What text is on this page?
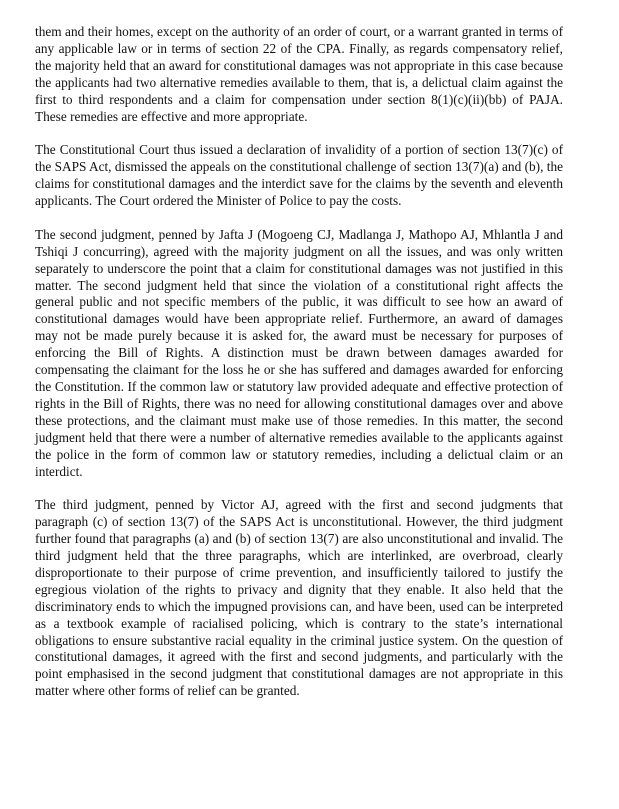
them and their homes, except on the authority of an order of court, or a warrant granted in terms of any applicable law or in terms of section 22 of the CPA. Finally, as regards compensatory relief, the majority held that an award for constitutional damages was not appropriate in this case because the applicants had two alternative remedies available to them, that is, a delictual claim against the first to third respondents and a claim for compensation under section 8(1)(c)(ii)(bb) of PAJA. These remedies are effective and more appropriate.

The Constitutional Court thus issued a declaration of invalidity of a portion of section 13(7)(c) of the SAPS Act, dismissed the appeals on the constitutional challenge of section 13(7)(a) and (b), the claims for constitutional damages and the interdict save for the claims by the seventh and eleventh applicants. The Court ordered the Minister of Police to pay the costs.

The second judgment, penned by Jafta J (Mogoeng CJ, Madlanga J, Mathopo AJ, Mhlantla J and Tshiqi J concurring), agreed with the majority judgment on all the issues, and was only written separately to underscore the point that a claim for constitutional damages was not justified in this matter. The second judgment held that since the violation of a constitutional right affects the general public and not specific members of the public, it was difficult to see how an award of constitutional damages would have been appropriate relief. Furthermore, an award of damages may not be made purely because it is asked for, the award must be necessary for purposes of enforcing the Bill of Rights. A distinction must be drawn between damages awarded for compensating the claimant for the loss he or she has suffered and damages awarded for enforcing the Constitution. If the common law or statutory law provided adequate and effective protection of rights in the Bill of Rights, there was no need for allowing constitutional damages over and above these protections, and the claimant must make use of those remedies. In this matter, the second judgment held that there were a number of alternative remedies available to the applicants against the police in the form of common law or statutory remedies, including a delictual claim or an interdict.

The third judgment, penned by Victor AJ, agreed with the first and second judgments that paragraph (c) of section 13(7) of the SAPS Act is unconstitutional. However, the third judgment further found that paragraphs (a) and (b) of section 13(7) are also unconstitutional and invalid. The third judgment held that the three paragraphs, which are interlinked, are overbroad, clearly disproportionate to their purpose of crime prevention, and insufficiently tailored to justify the egregious violation of the rights to privacy and dignity that they enable. It also held that the discriminatory ends to which the impugned provisions can, and have been, used can be interpreted as a textbook example of racialised policing, which is contrary to the state’s international obligations to ensure substantive racial equality in the criminal justice system. On the question of constitutional damages, it agreed with the first and second judgments, and particularly with the point emphasised in the second judgment that constitutional damages are not appropriate in this matter where other forms of relief can be granted.
